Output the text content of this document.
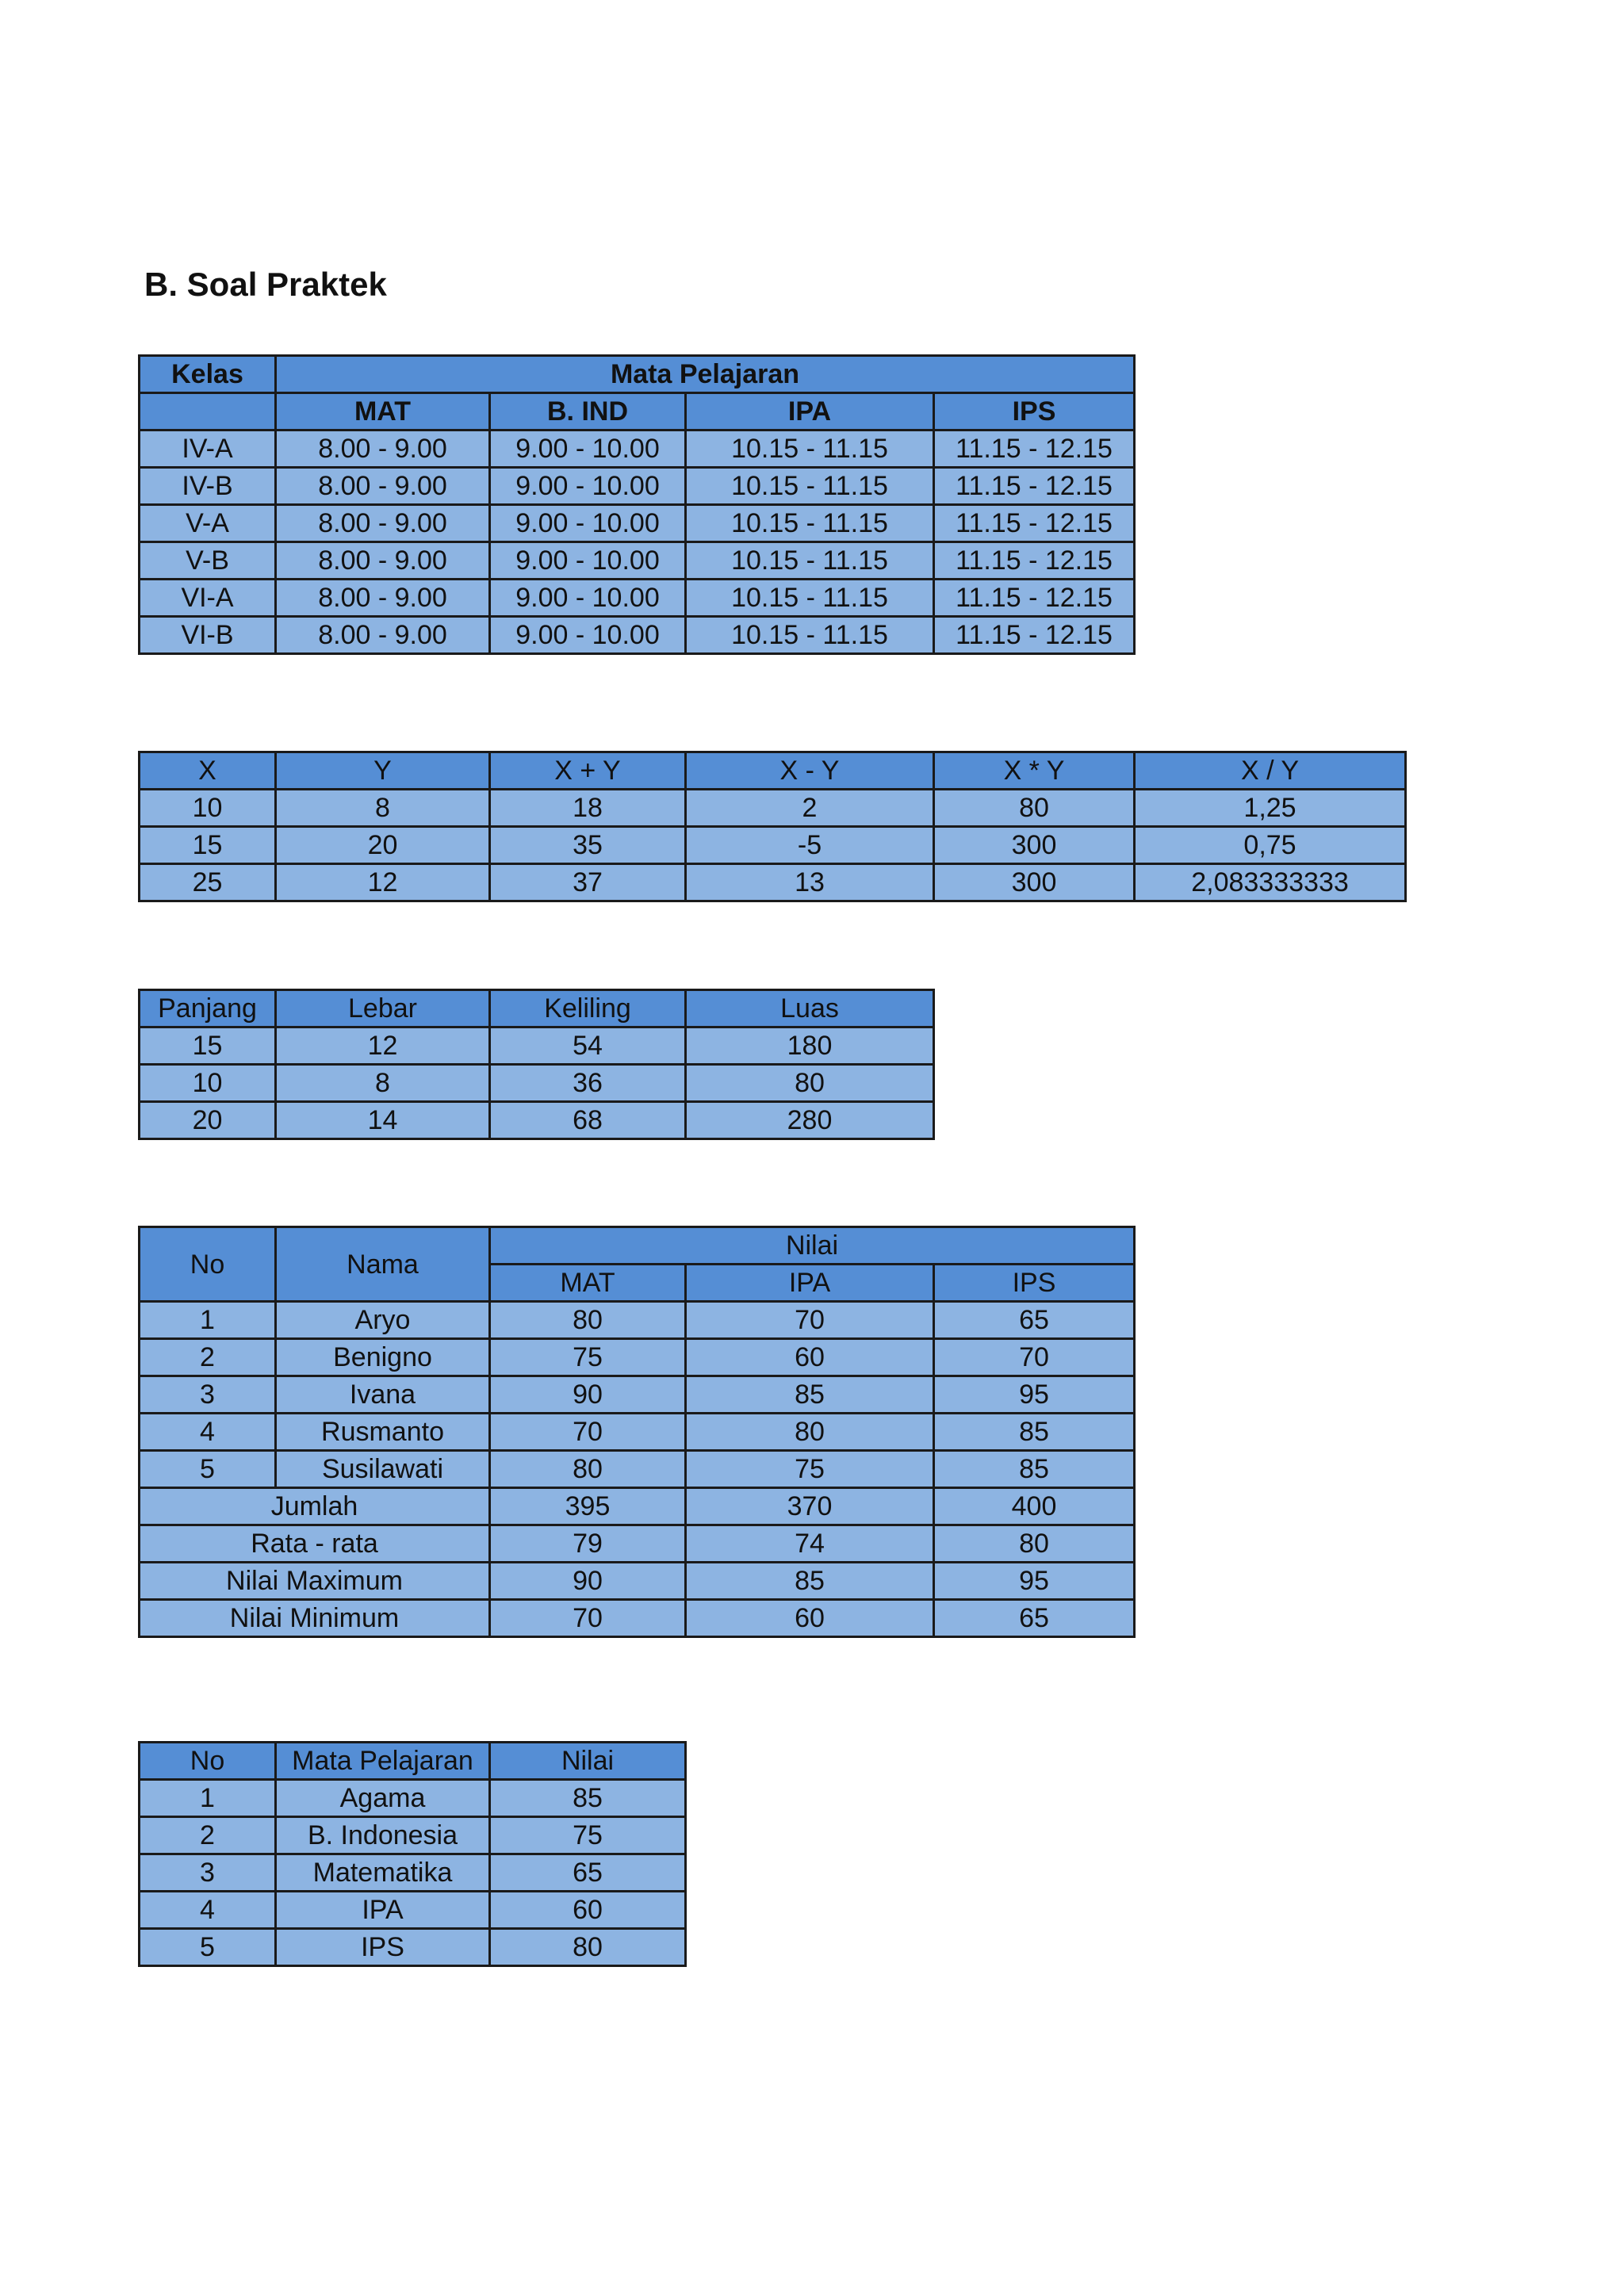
B. Soal Praktek
Kelas	Mata Pelajaran			
	MAT	B. IND	IPA	IPS
IV-A	8.00 - 9.00	9.00 - 10.00	10.15 - 11.15	11.15 - 12.15
IV-B	8.00 - 9.00	9.00 - 10.00	10.15 - 11.15	11.15 - 12.15
V-A	8.00 - 9.00	9.00 - 10.00	10.15 - 11.15	11.15 - 12.15
V-B	8.00 - 9.00	9.00 - 10.00	10.15 - 11.15	11.15 - 12.15
VI-A	8.00 - 9.00	9.00 - 10.00	10.15 - 11.15	11.15 - 12.15
VI-B	8.00 - 9.00	9.00 - 10.00	10.15 - 11.15	11.15 - 12.15
X	Y	X + Y	X - Y	X * Y	X / Y
10	8	18	2	80	1,25
15	20	35	-5	300	0,75
25	12	37	13	300	2,083333333
Panjang	Lebar	Keliling	Luas
15	12	54	180
10	8	36	80
20	14	68	280
No	Nama	Nilai		
		MAT	IPA	IPS
1	Aryo	80	70	65
2	Benigno	75	60	70
3	Ivana	90	85	95
4	Rusmanto	70	80	85
5	Susilawati	80	75	85
Jumlah		395	370	400
Rata - rata		79	74	80
Nilai Maximum		90	85	95
Nilai Minimum		70	60	65
No	Mata Pelajaran	Nilai
1	Agama	85
2	B. Indonesia	75
3	Matematika	65
4	IPA	60
5	IPS	80
